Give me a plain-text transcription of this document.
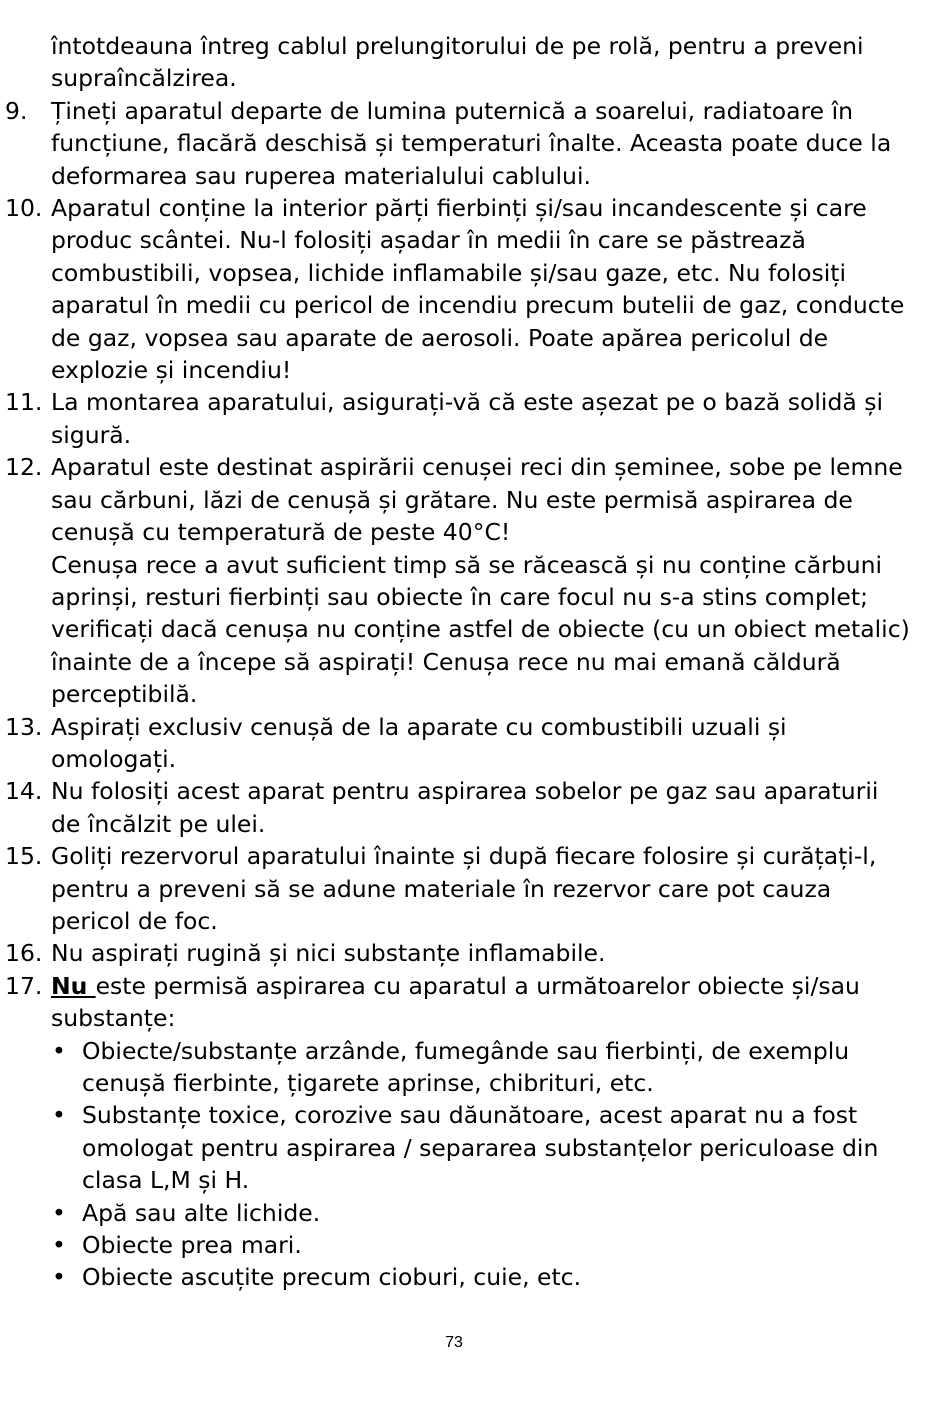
întotdeauna întreg cablul prelungitorului de pe rolă, pentru a preveni supraîncălzirea.

9. Țineți aparatul departe de lumina puternică a soarelui, radiatoare în funcțiune, flacără deschisă și temperaturi înalte. Aceasta poate duce la deformarea sau ruperea materialului cablului.
10. Aparatul conține la interior părți fierbinți și/sau incandescente și care produc scântei. Nu-l folosiți așadar în medii în care se păstrează combustibili, vopsea, lichide inflamabile și/sau gaze, etc. Nu folosiți aparatul în medii cu pericol de incendiu precum butelii de gaz, conducte de gaz, vopsea sau aparate de aerosoli. Poate apărea pericolul de explozie și incendiu!
11. La montarea aparatului, asigurați-vă că este așezat pe o bază solidă și sigură.
12. Aparatul este destinat aspirării cenușei reci din șeminee, sobe pe lemne sau cărbuni, lăzi de cenușă și grătare. Nu este permisă aspirarea de cenușă cu temperatură de peste 40°C!
Cenușa rece a avut suficient timp să se răcească și nu conține cărbuni aprinși, resturi fierbinți sau obiecte în care focul nu s-a stins complet; verificați dacă cenușa nu conține astfel de obiecte (cu un obiect metalic) înainte de a începe să aspirați! Cenușa rece nu mai emană căldură perceptibilă.
13. Aspirați exclusiv cenușă de la aparate cu combustibili uzuali și omologați.
14. Nu folosiți acest aparat pentru aspirarea sobelor pe gaz sau aparaturii de încălzit pe ulei.
15. Goliți rezervorul aparatului înainte și după fiecare folosire și curățați-l, pentru a preveni să se adune materiale în rezervor care pot cauza pericol de foc.
16. Nu aspirați rugină și nici substanțe inflamabile.
17. Nu este permisă aspirarea cu aparatul a următoarelor obiecte și/sau substanțe:
• Obiecte/substanțe arzânde, fumegânde sau fierbinți, de exemplu cenușă fierbinte, țigarete aprinse, chibrituri, etc.
• Substanțe toxice, corozive sau dăunătoare, acest aparat nu a fost omologat pentru aspirarea / separarea substanțelor periculoase din clasa L,M și H.
• Apă sau alte lichide.
• Obiecte prea mari.
• Obiecte ascuțite precum cioburi, cuie, etc.
73
